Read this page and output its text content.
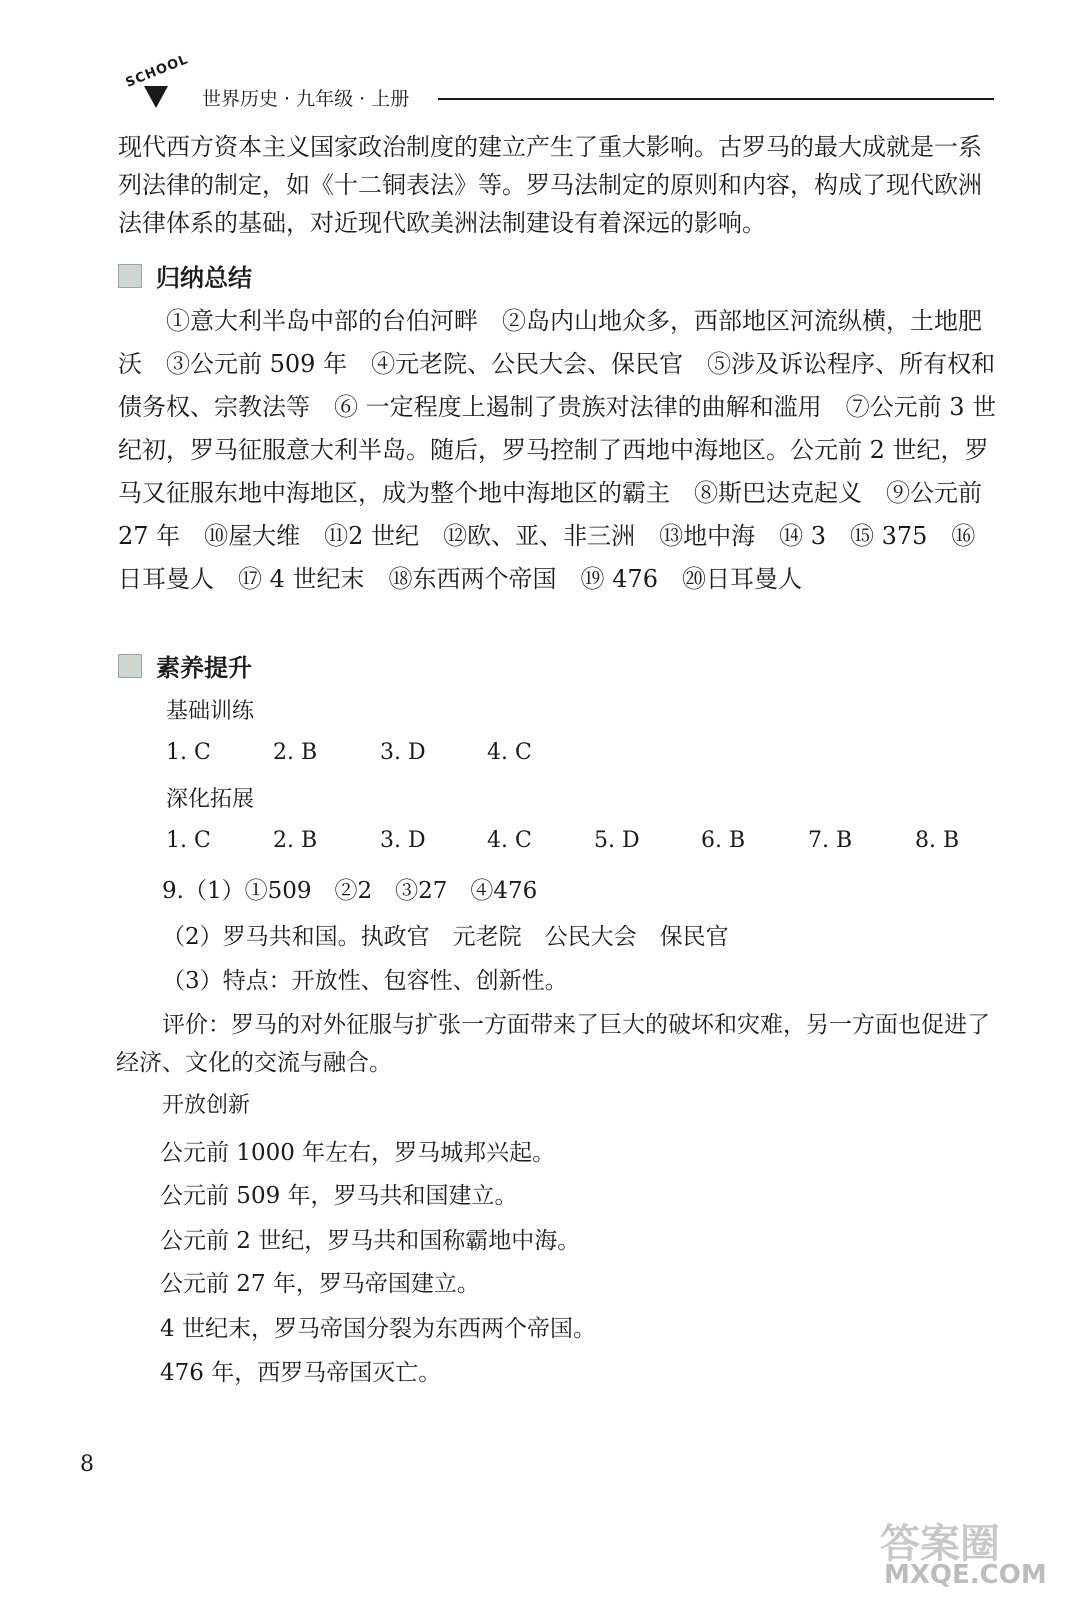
SCHOOL
世界历史 · 九年级 · 上册
现代西方资本主义国家政治制度的建立产生了重大影响。古罗马的最大成就是一系列法律的制定，如《十二铜表法》等。罗马法制定的原则和内容，构成了现代欧洲法律体系的基础，对近现代欧美洲法制建设有着深远的影响。
归纳总结
①意大利半岛中部的台伯河畔　②岛内山地众多，西部地区河流纵横，土地肥沃　③公元前 509 年　④元老院、公民大会、保民官　⑤涉及诉讼程序、所有权和债务权、宗教法等　⑥ 一定程度上遏制了贵族对法律的曲解和滥用　⑦公元前 3 世纪初，罗马征服意大利半岛。随后，罗马控制了西地中海地区。公元前 2 世纪，罗马又征服东地中海地区，成为整个地中海地区的霸主　⑧斯巴达克起义　⑨公元前 27 年　⑩屋大维　⑪2 世纪　⑫欧、亚、非三洲　⑬地中海　⑭ 3　⑮ 375　⑯日耳曼人　⑰ 4 世纪末　⑱东西两个帝国　⑲ 476　⑳日耳曼人
素养提升
基础训练
1. C	2. B	3. D	4. C
深化拓展
1. C	2. B	3. D	4. C	5. D	6. B	7. B	8. B
9.（1）①509　②2　③27　④476
（2）罗马共和国。执政官　元老院　公民大会　保民官
（3）特点：开放性、包容性、创新性。
评价：罗马的对外征服与扩张一方面带来了巨大的破坏和灾难，另一方面也促进了经济、文化的交流与融合。
开放创新
公元前 1000 年左右，罗马城邦兴起。
公元前 509 年，罗马共和国建立。
公元前 2 世纪，罗马共和国称霸地中海。
公元前 27 年，罗马帝国建立。
4 世纪末，罗马帝国分裂为东西两个帝国。
476 年，西罗马帝国灭亡。
8
答案圈
MXQE.COM
